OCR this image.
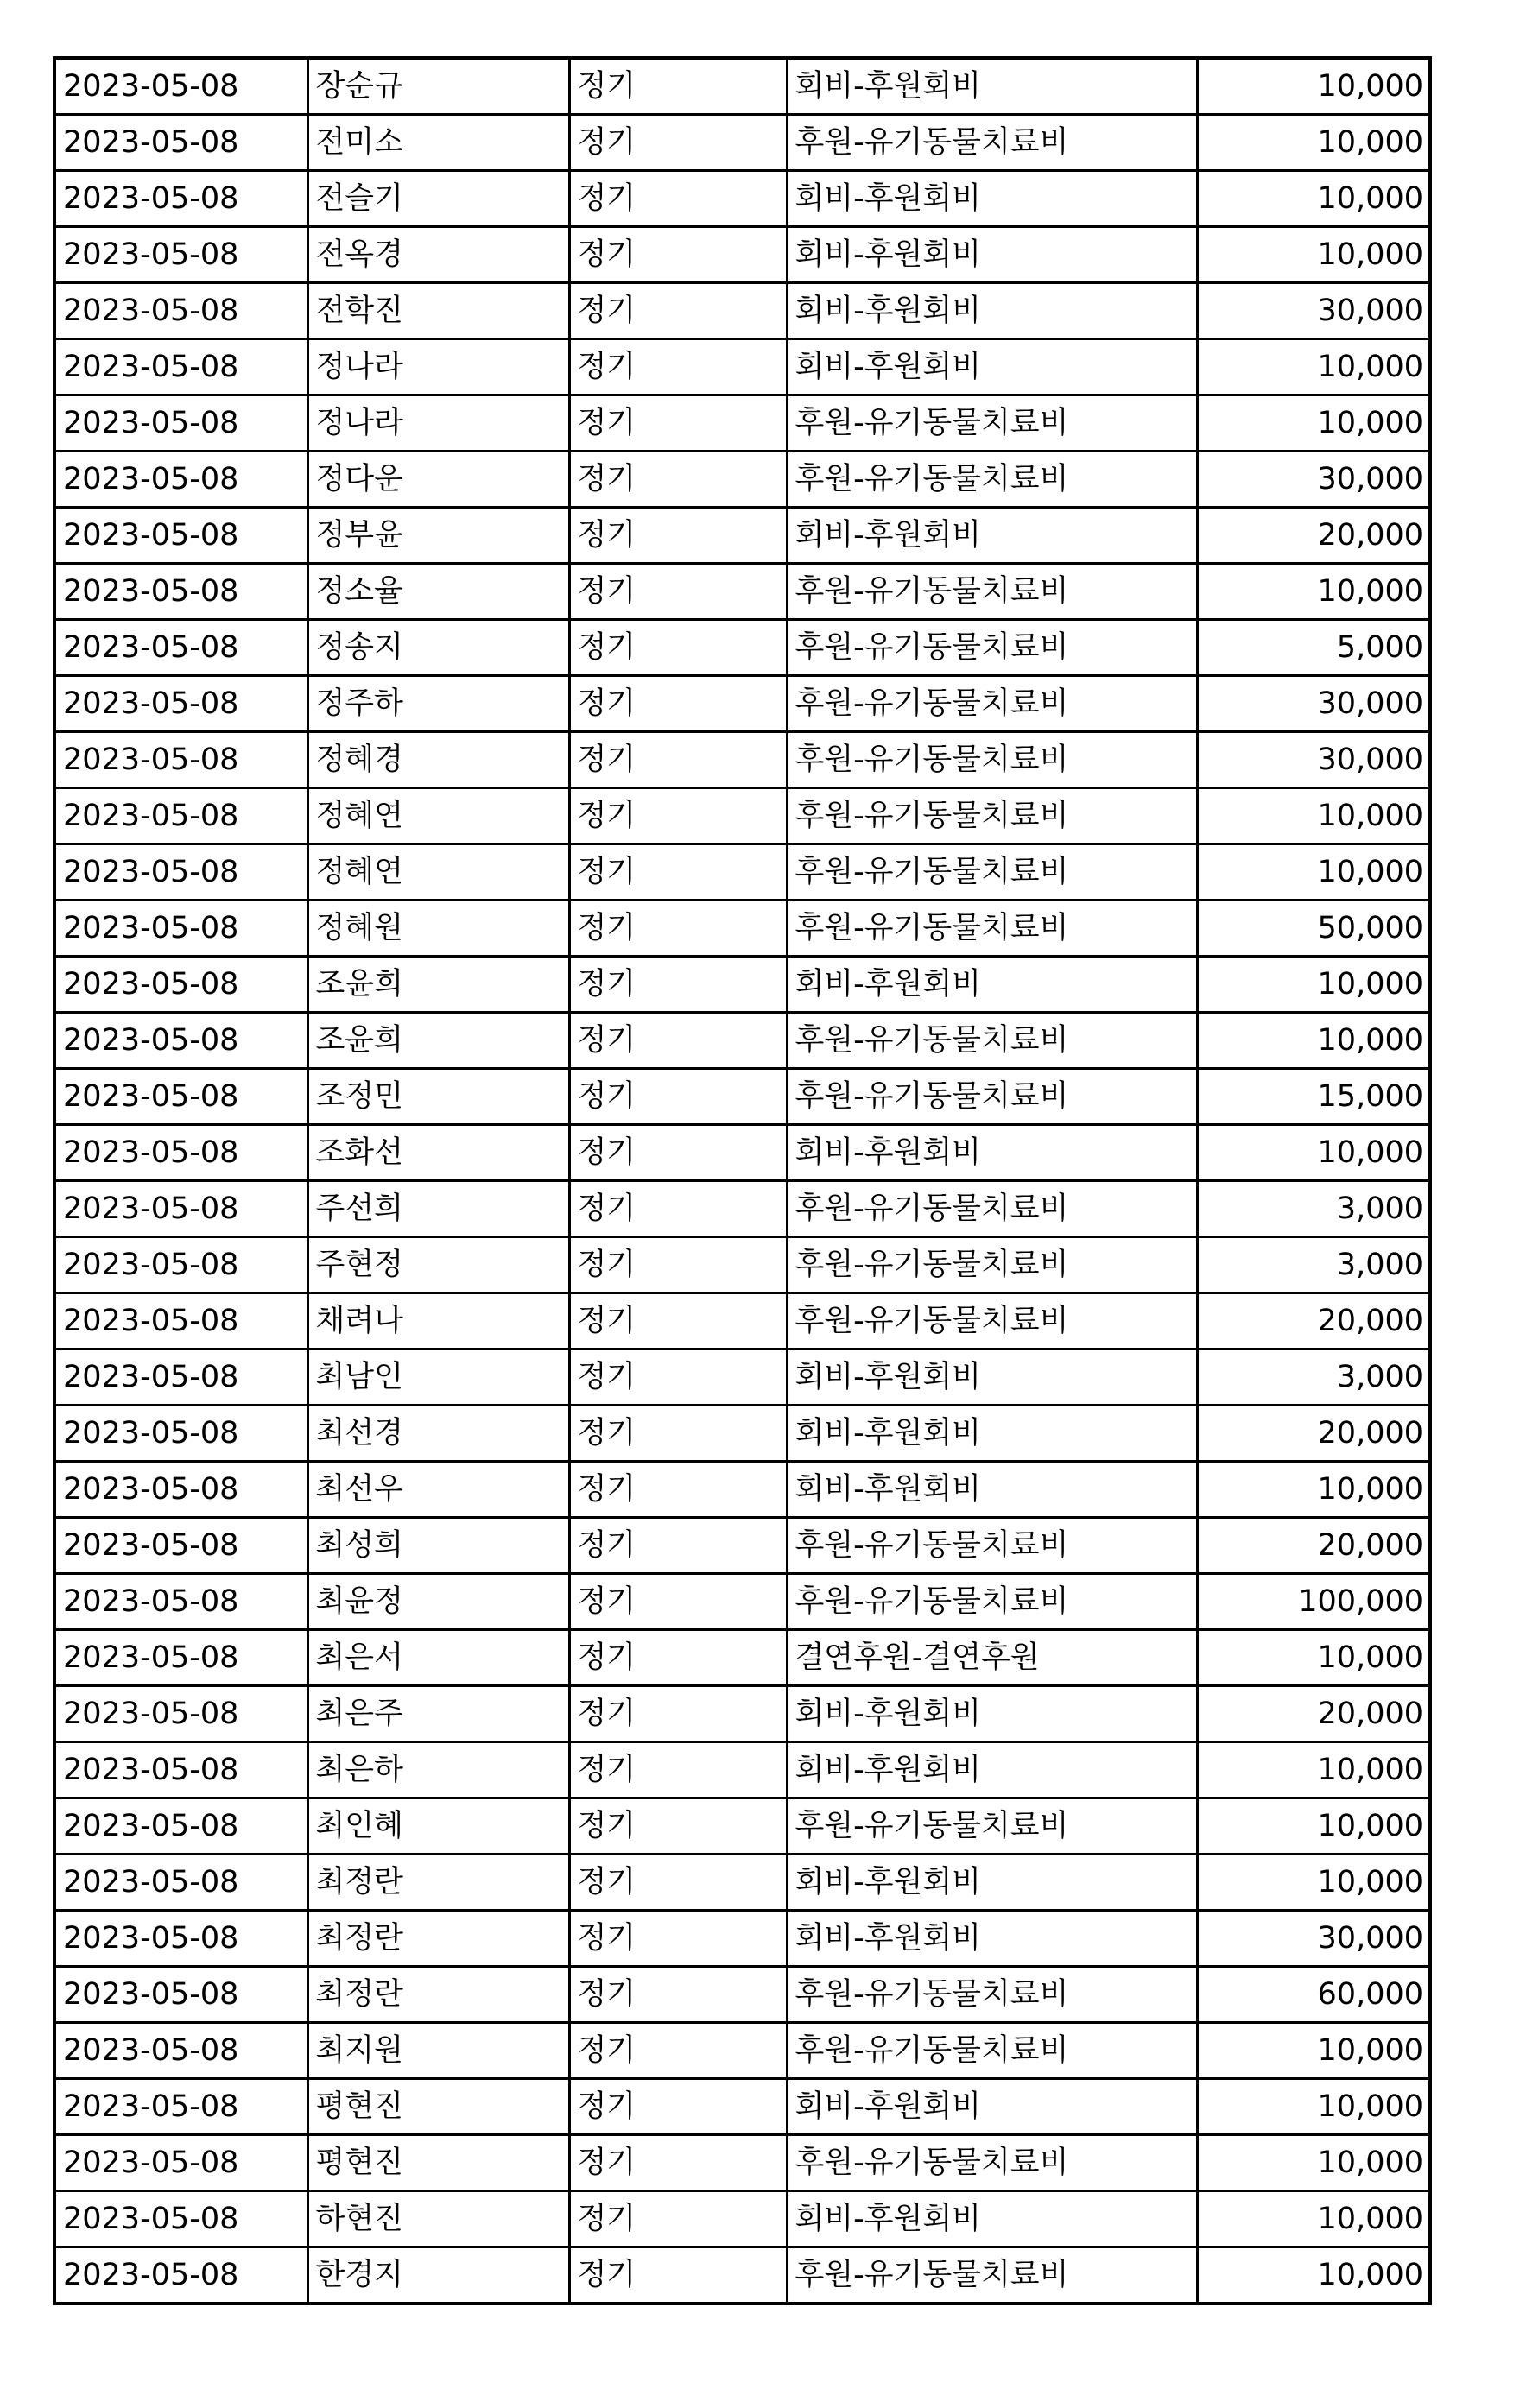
2023-05-08	장순규	정기	회비-후원회비	10,000
2023-05-08	전미소	정기	후원-유기동물치료비	10,000
2023-05-08	전슬기	정기	회비-후원회비	10,000
2023-05-08	전옥경	정기	회비-후원회비	10,000
2023-05-08	전학진	정기	회비-후원회비	30,000
2023-05-08	정나라	정기	회비-후원회비	10,000
2023-05-08	정나라	정기	후원-유기동물치료비	10,000
2023-05-08	정다운	정기	후원-유기동물치료비	30,000
2023-05-08	정부윤	정기	회비-후원회비	20,000
2023-05-08	정소율	정기	후원-유기동물치료비	10,000
2023-05-08	정송지	정기	후원-유기동물치료비	5,000
2023-05-08	정주하	정기	후원-유기동물치료비	30,000
2023-05-08	정혜경	정기	후원-유기동물치료비	30,000
2023-05-08	정혜연	정기	후원-유기동물치료비	10,000
2023-05-08	정혜연	정기	후원-유기동물치료비	10,000
2023-05-08	정혜원	정기	후원-유기동물치료비	50,000
2023-05-08	조윤희	정기	회비-후원회비	10,000
2023-05-08	조윤희	정기	후원-유기동물치료비	10,000
2023-05-08	조정민	정기	후원-유기동물치료비	15,000
2023-05-08	조화선	정기	회비-후원회비	10,000
2023-05-08	주선희	정기	후원-유기동물치료비	3,000
2023-05-08	주현정	정기	후원-유기동물치료비	3,000
2023-05-08	채려나	정기	후원-유기동물치료비	20,000
2023-05-08	최남인	정기	회비-후원회비	3,000
2023-05-08	최선경	정기	회비-후원회비	20,000
2023-05-08	최선우	정기	회비-후원회비	10,000
2023-05-08	최성희	정기	후원-유기동물치료비	20,000
2023-05-08	최윤정	정기	후원-유기동물치료비	100,000
2023-05-08	최은서	정기	결연후원-결연후원	10,000
2023-05-08	최은주	정기	회비-후원회비	20,000
2023-05-08	최은하	정기	회비-후원회비	10,000
2023-05-08	최인혜	정기	후원-유기동물치료비	10,000
2023-05-08	최정란	정기	회비-후원회비	10,000
2023-05-08	최정란	정기	회비-후원회비	30,000
2023-05-08	최정란	정기	후원-유기동물치료비	60,000
2023-05-08	최지원	정기	후원-유기동물치료비	10,000
2023-05-08	평현진	정기	회비-후원회비	10,000
2023-05-08	평현진	정기	후원-유기동물치료비	10,000
2023-05-08	하현진	정기	회비-후원회비	10,000
2023-05-08	한경지	정기	후원-유기동물치료비	10,000
